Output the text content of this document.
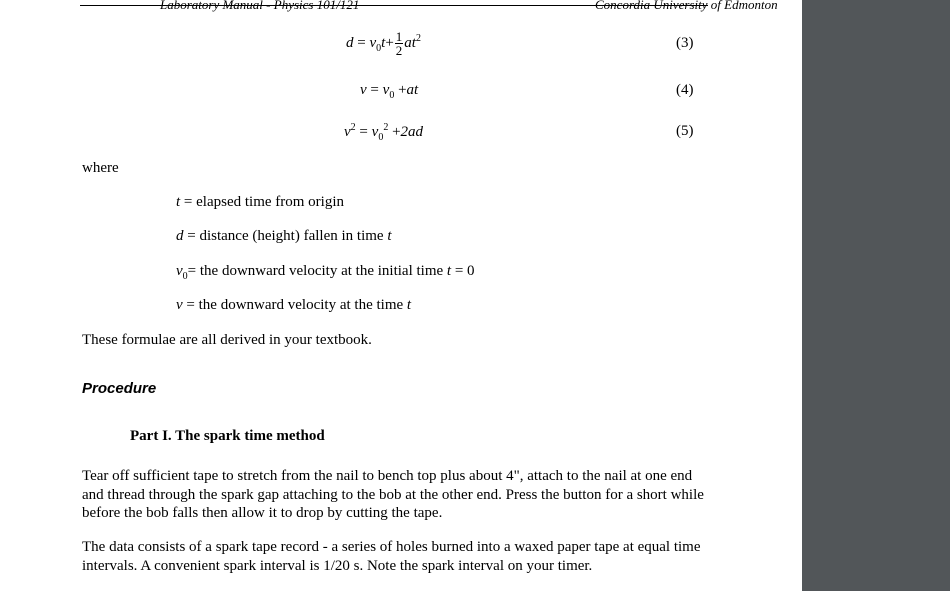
Laboratory Manual - Physics 101/121	Concordia University of Edmonton
$d = v_0t+ \frac{1}{2} at^2$	(3)
$v = v_0 +at$	(4)
$v^2 = v_0^2 +2ad$	(5)
where
t = elapsed time from origin
d = distance (height) fallen in time t
$v_0=$ the downward velocity at the initial time t = 0
v = the downward velocity at the time t
These formulae are all derived in your textbook.
Procedure
Part I. The spark time method
Tear off sufficient tape to stretch from the nail to bench top plus about 4", attach to the nail at one end and thread through the spark gap attaching to the bob at the other end. Press the button for a short while before the bob falls then allow it to drop by cutting the tape.
The data consists of a spark tape record - a series of holes burned into a waxed paper tape at equal time intervals. A convenient spark interval is 1/20 s. Note the spark interval on your timer.
